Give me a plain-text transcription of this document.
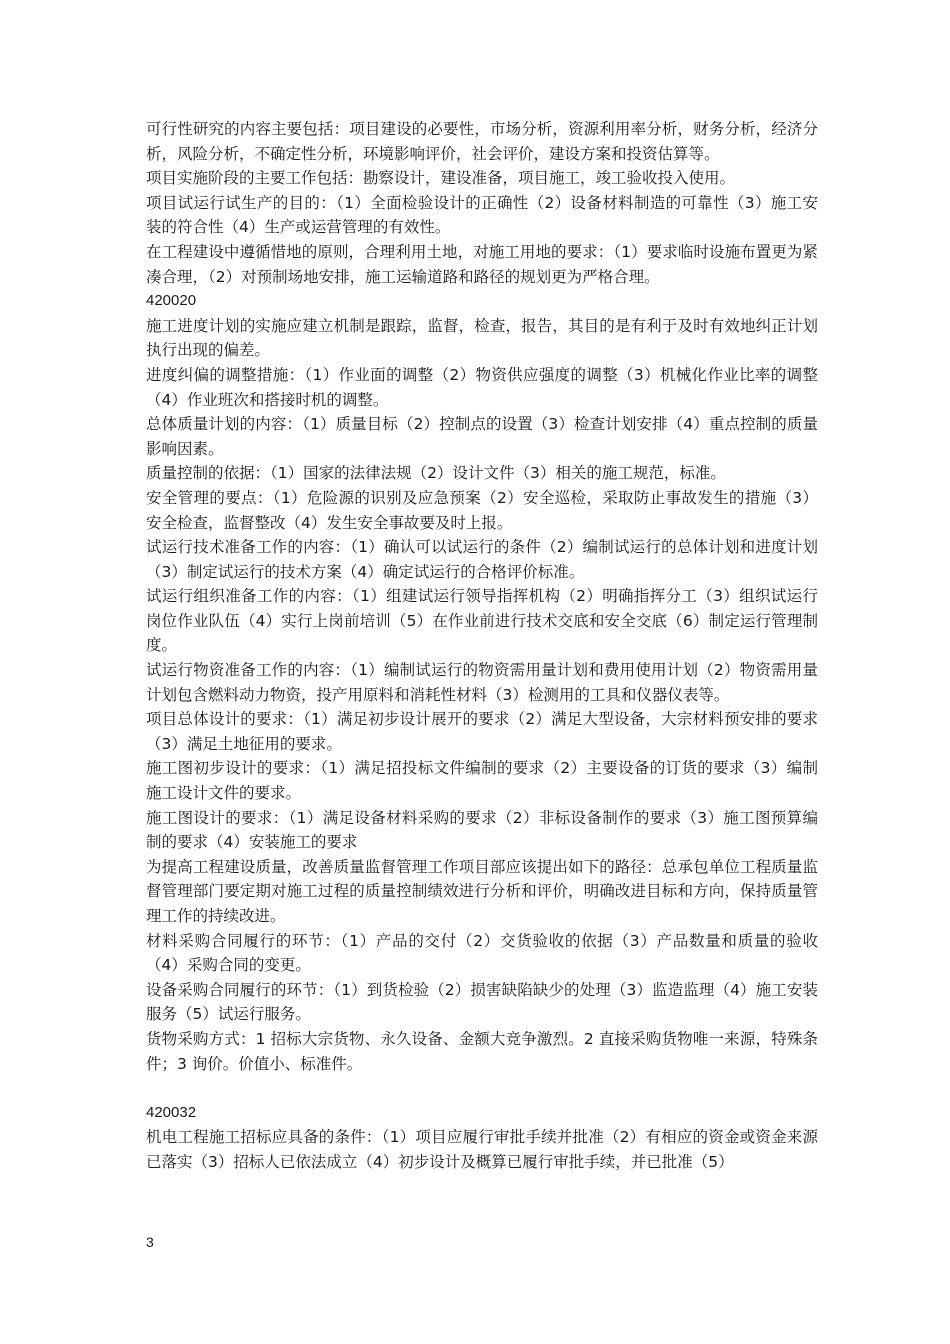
可行性研究的内容主要包括：项目建设的必要性，市场分析，资源利用率分析，财务分析，经济分析，风险分析，不确定性分析，环境影响评价，社会评价，建设方案和投资估算等。

项目实施阶段的主要工作包括：勘察设计，建设准备，项目施工，竣工验收投入使用。

项目试运行试生产的目的：（1）全面检验设计的正确性（2）设备材料制造的可靠性（3）施工安装的符合性（4）生产或运营管理的有效性。

在工程建设中遵循惜地的原则，合理利用土地，对施工用地的要求：（1）要求临时设施布置更为紧凑合理，（2）对预制场地安排，施工运输道路和路径的规划更为严格合理。

420020

施工进度计划的实施应建立机制是跟踪，监督，检查，报告，其目的是有利于及时有效地纠正计划执行出现的偏差。

进度纠偏的调整措施：（1）作业面的调整（2）物资供应强度的调整（3）机械化作业比率的调整（4）作业班次和搭接时机的调整。

总体质量计划的内容：（1）质量目标（2）控制点的设置（3）检查计划安排（4）重点控制的质量影响因素。

质量控制的依据：（1）国家的法律法规（2）设计文件（3）相关的施工规范，标准。

安全管理的要点：（1）危险源的识别及应急预案（2）安全巡检，采取防止事故发生的措施（3）安全检查，监督整改（4）发生安全事故要及时上报。

试运行技术准备工作的内容：（1）确认可以试运行的条件（2）编制试运行的总体计划和进度计划（3）制定试运行的技术方案（4）确定试运行的合格评价标准。

试运行组织准备工作的内容：（1）组建试运行领导指挥机构（2）明确指挥分工（3）组织试运行岗位作业队伍（4）实行上岗前培训（5）在作业前进行技术交底和安全交底（6）制定运行管理制度。

试运行物资准备工作的内容：（1）编制试运行的物资需用量计划和费用使用计划（2）物资需用量计划包含燃料动力物资，投产用原料和消耗性材料（3）检测用的工具和仪器仪表等。

项目总体设计的要求：（1）满足初步设计展开的要求（2）满足大型设备，大宗材料预安排的要求（3）满足土地征用的要求。

施工图初步设计的要求：（1）满足招投标文件编制的要求（2）主要设备的订货的要求（3）编制施工设计文件的要求。

施工图设计的要求：（1）满足设备材料采购的要求（2）非标设备制作的要求（3）施工图预算编制的要求（4）安装施工的要求

为提高工程建设质量，改善质量监督管理工作项目部应该提出如下的路径：总承包单位工程质量监督管理部门要定期对施工过程的质量控制绩效进行分析和评价，明确改进目标和方向，保持质量管理工作的持续改进。

材料采购合同履行的环节：（1）产品的交付（2）交货验收的依据（3）产品数量和质量的验收（4）采购合同的变更。

设备采购合同履行的环节：（1）到货检验（2）损害缺陷缺少的处理（3）监造监理（4）施工安装服务（5）试运行服务。

货物采购方式：1 招标大宗货物、永久设备、金额大竞争激烈。2 直接采购货物唯一来源，特殊条件；3 询价。价值小、标准件。

420032

机电工程施工招标应具备的条件：（1）项目应履行审批手续并批准（2）有相应的资金或资金来源已落实（3）招标人已依法成立（4）初步设计及概算已履行审批手续，并已批准（5）

3
